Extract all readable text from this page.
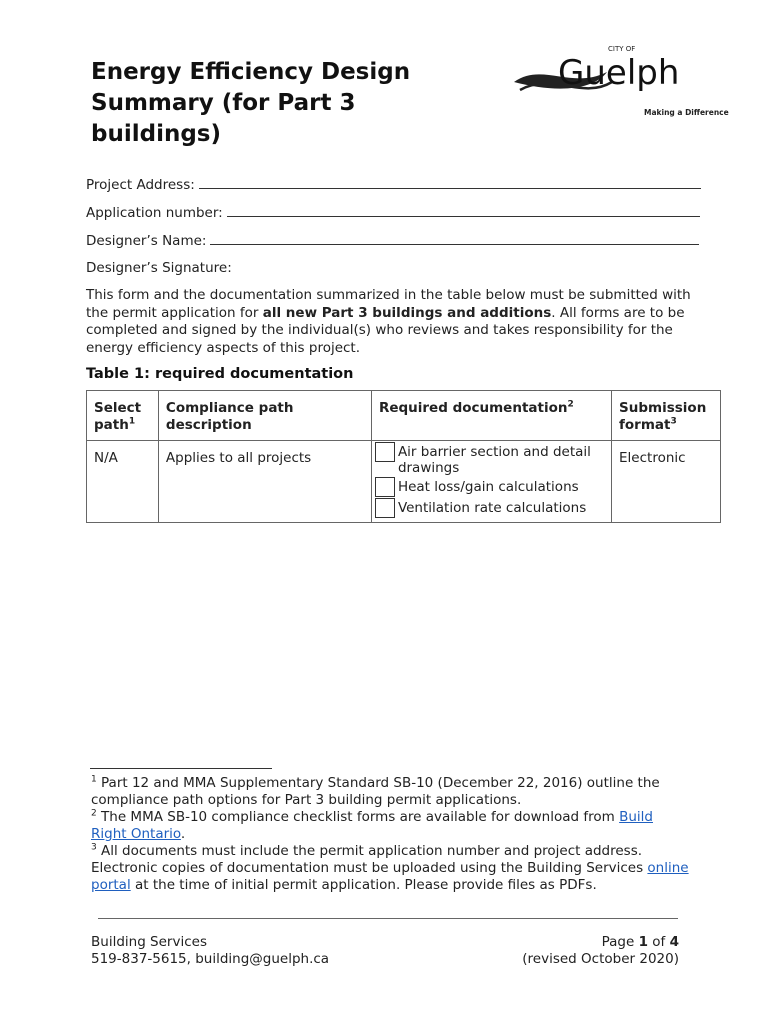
Energy Efficiency Design Summary (for Part 3 buildings)
CITY OF
Guelph
Making a Difference
Project Address:
Application number:
Designer’s Name:
Designer’s Signature:
This form and the documentation summarized in the table below must be submitted with the permit application for all new Part 3 buildings and additions. All forms are to be completed and signed by the individual(s) who reviews and takes responsibility for the energy efficiency aspects of this project.
Table 1: required documentation
Select path$^1$	Compliance path description	Required documentation$^2$	Submission format$^3$
N/A	Applies to all projects	Air barrier section and detail drawings
Heat loss/gain calculations
Ventilation rate calculations	Electronic
$^1$ Part 12 and MMA Supplementary Standard SB-10 (December 22, 2016) outline the compliance path options for Part 3 building permit applications.
$^2$ The MMA SB-10 compliance checklist forms are available for download from Build Right Ontario.
$^3$ All documents must include the permit application number and project address. Electronic copies of documentation must be uploaded using the Building Services online portal at the time of initial permit application. Please provide files as PDFs.
Building Services
519-837-5615, building@guelph.ca
Page 1 of 4
(revised October 2020)
